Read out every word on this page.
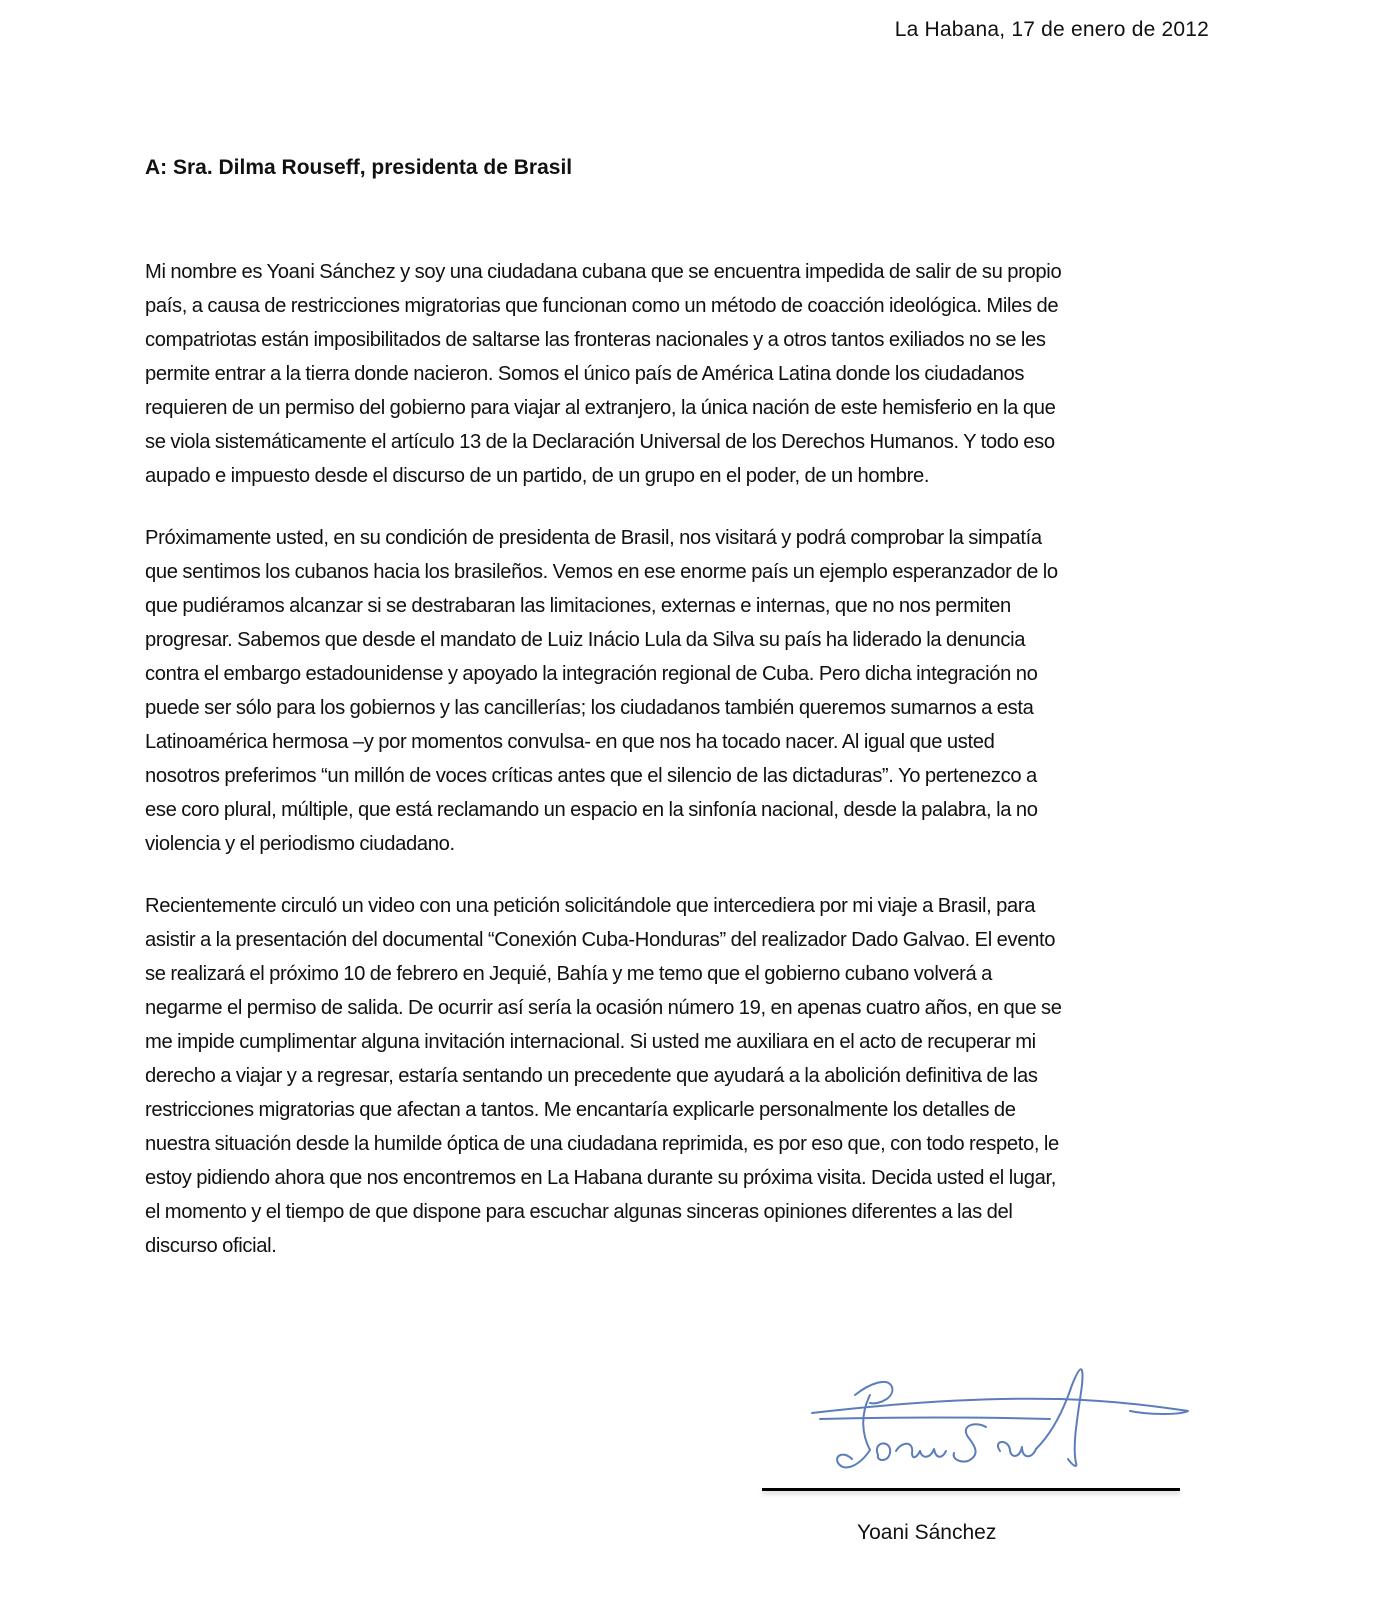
La Habana, 17 de enero de 2012
A: Sra. Dilma Rouseff, presidenta de Brasil
Mi nombre es Yoani Sánchez y soy una ciudadana cubana que se encuentra impedida de salir de su propio
país, a causa de restricciones migratorias que funcionan como un método de coacción ideológica. Miles de
compatriotas están imposibilitados de saltarse las fronteras nacionales y a otros tantos exiliados no se les
permite entrar a la tierra donde nacieron. Somos el único país de América Latina donde los ciudadanos
requieren de un permiso del gobierno para viajar al extranjero, la única nación de este hemisferio en la que
se viola sistemáticamente el artículo 13 de la Declaración Universal de los Derechos Humanos. Y todo eso
aupado e impuesto desde el discurso de un partido, de un grupo en el poder, de un hombre.
Próximamente usted, en su condición de presidenta de Brasil, nos visitará y podrá comprobar la simpatía
que sentimos los cubanos hacia los brasileños. Vemos en ese enorme país un ejemplo esperanzador de lo
que pudiéramos alcanzar si se destrabaran las limitaciones, externas e internas, que no nos permiten
progresar. Sabemos que desde el mandato de Luiz Inácio Lula da Silva su país ha liderado la denuncia
contra el embargo estadounidense y apoyado la integración regional de Cuba. Pero dicha integración no
puede ser sólo para los gobiernos y las cancillerías; los ciudadanos también queremos sumarnos a esta
Latinoamérica hermosa –y por momentos convulsa- en que nos ha tocado nacer. Al igual que usted
nosotros preferimos “un millón de voces críticas antes que el silencio de las dictaduras”. Yo pertenezco a
ese coro plural, múltiple, que está reclamando un espacio en la sinfonía nacional, desde la palabra, la no
violencia y el periodismo ciudadano.
Recientemente circuló un video con una petición solicitándole que intercediera por mi viaje a Brasil, para
asistir a la presentación del documental “Conexión Cuba-Honduras” del realizador Dado Galvao. El evento
se realizará el próximo 10 de febrero en Jequié, Bahía y me temo que el gobierno cubano volverá a
negarme el permiso de salida. De ocurrir así sería la ocasión número 19, en apenas cuatro años, en que se
me impide cumplimentar alguna invitación internacional. Si usted me auxiliara en el acto de recuperar mi
derecho a viajar y a regresar, estaría sentando un precedente que ayudará a la abolición definitiva de las
restricciones migratorias que afectan a tantos. Me encantaría explicarle personalmente los detalles de
nuestra situación desde la humilde óptica de una ciudadana reprimida, es por eso que, con todo respeto, le
estoy pidiendo ahora que nos encontremos en La Habana durante su próxima visita. Decida usted el lugar,
el momento y el tiempo de que dispone para escuchar algunas sinceras opiniones diferentes a las del
discurso oficial.
Yoani Sánchez
